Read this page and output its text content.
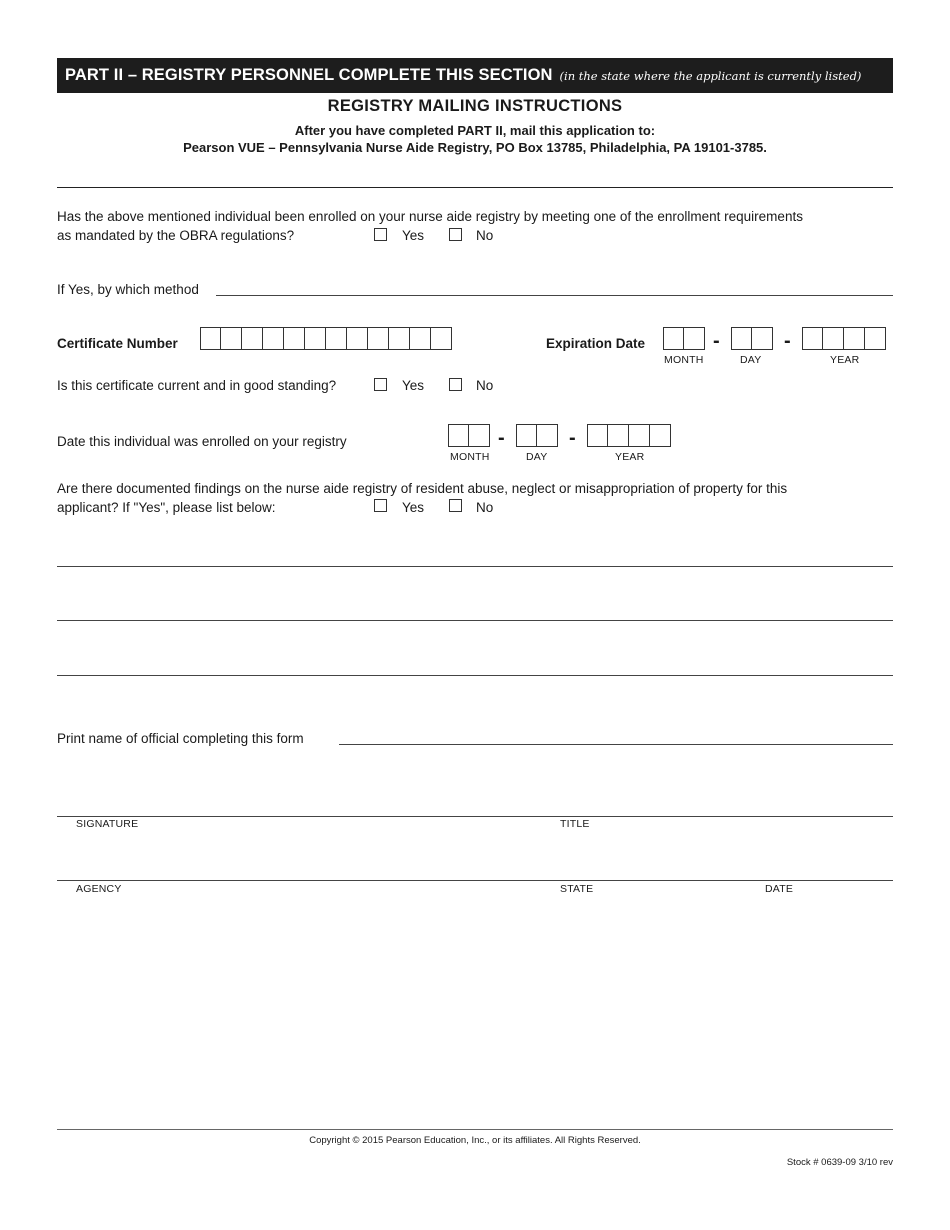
PART II – REGISTRY PERSONNEL COMPLETE THIS SECTION (in the state where the applicant is currently listed)
REGISTRY MAILING INSTRUCTIONS
After you have completed PART II, mail this application to:
Pearson VUE – Pennsylvania Nurse Aide Registry, PO Box 13785, Philadelphia, PA 19101-3785.
Has the above mentioned individual been enrolled on your nurse aide registry by meeting one of the enrollment requirements
as mandated by the OBRA regulations?	Yes	No
If Yes, by which method
Certificate Number	Expiration Date	-	-
MONTH	DAY	YEAR
Is this certificate current and in good standing?	Yes	No
Date this individual was enrolled on your registry	-	-
MONTH	DAY	YEAR
Are there documented findings on the nurse aide registry of resident abuse, neglect or misappropriation of property for this
applicant? If "Yes", please list below:	Yes	No
Print name of official completing this form
SIGNATURE	TITLE
AGENCY	STATE	DATE
Copyright © 2015 Pearson Education, Inc., or its affiliates. All Rights Reserved.
Stock # 0639-09 3/10 rev
